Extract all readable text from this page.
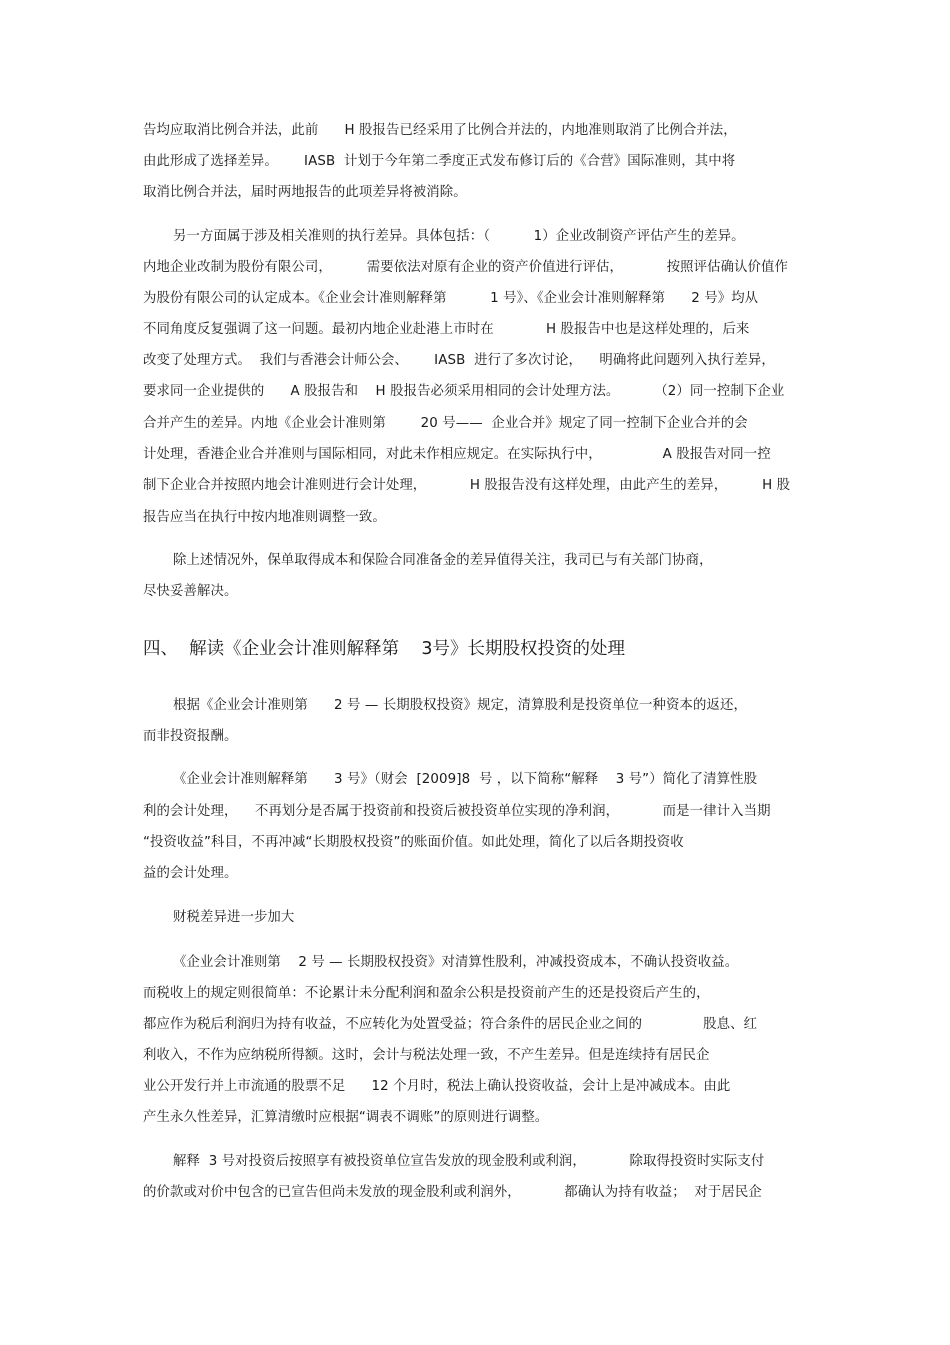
告均应取消比例合并法，此前      H 股报告已经采用了比例合并法的，内地准则取消了比例合并法，
由此形成了选择差异。      IASB  计划于今年第二季度正式发布修订后的《合营》国际准则，其中将
取消比例合并法，届时两地报告的此项差异将被消除。
另一方面属于涉及相关准则的执行差异。具体包括：（          1）企业改制资产评估产生的差异。
内地企业改制为股份有限公司，        需要依法对原有企业的资产价值进行评估，          按照评估确认价值作
为股份有限公司的认定成本。《企业会计准则解释第          1 号》、《企业会计准则解释第      2 号》均从
不同角度反复强调了这一问题。最初内地企业赴港上市时在            H 股报告中也是这样处理的，后来
改变了处理方式。  我们与香港会计师公会、      IASB  进行了多次讨论，    明确将此问题列入执行差异，
要求同一企业提供的      A 股报告和    H 股报告必须采用相同的会计处理方法。        （2）同一控制下企业
合并产生的差异。内地《企业会计准则第        20 号——  企业合并》规定了同一控制下企业合并的会
计处理，香港企业合并准则与国际相同，对此未作相应规定。在实际执行中，              A 股报告对同一控
制下企业合并按照内地会计准则进行会计处理，          H 股报告没有这样处理，由此产生的差异，        H 股
报告应当在执行中按内地准则调整一致。
除上述情况外，保单取得成本和保险合同准备金的差异值得关注，我司已与有关部门协商，
尽快妥善解决。
四、  解读《企业会计准则解释第    3号》长期股权投资的处理
根据《企业会计准则第      2 号 — 长期股权投资》规定，清算股利是投资单位一种资本的返还，
而非投资报酬。
《企业会计准则解释第      3 号》（财会  [2009]8  号 ，以下简称“解释    3 号”）简化了清算性股
利的会计处理，    不再划分是否属于投资前和投资后被投资单位实现的净利润，          而是一律计入当期
“投资收益”科目，不再冲减“长期股权投资”的账面价值。如此处理，简化了以后各期投资收
益的会计处理。
财税差异进一步加大
《企业会计准则第    2 号 — 长期股权投资》对清算性股利，冲减投资成本，不确认投资收益。
而税收上的规定则很简单：不论累计未分配利润和盈余公积是投资前产生的还是投资后产生的，
都应作为税后利润归为持有收益，不应转化为处置受益；符合条件的居民企业之间的              股息、红
利收入，不作为应纳税所得额。这时，会计与税法处理一致，不产生差异。但是连续持有居民企
业公开发行并上市流通的股票不足      12 个月时，税法上确认投资收益，会计上是冲减成本。由此
产生永久性差异，汇算清缴时应根据“调表不调账”的原则进行调整。
解释  3 号对投资后按照享有被投资单位宣告发放的现金股利或利润，          除取得投资时实际支付
的价款或对价中包含的已宣告但尚未发放的现金股利或利润外，          都确认为持有收益；  对于居民企
